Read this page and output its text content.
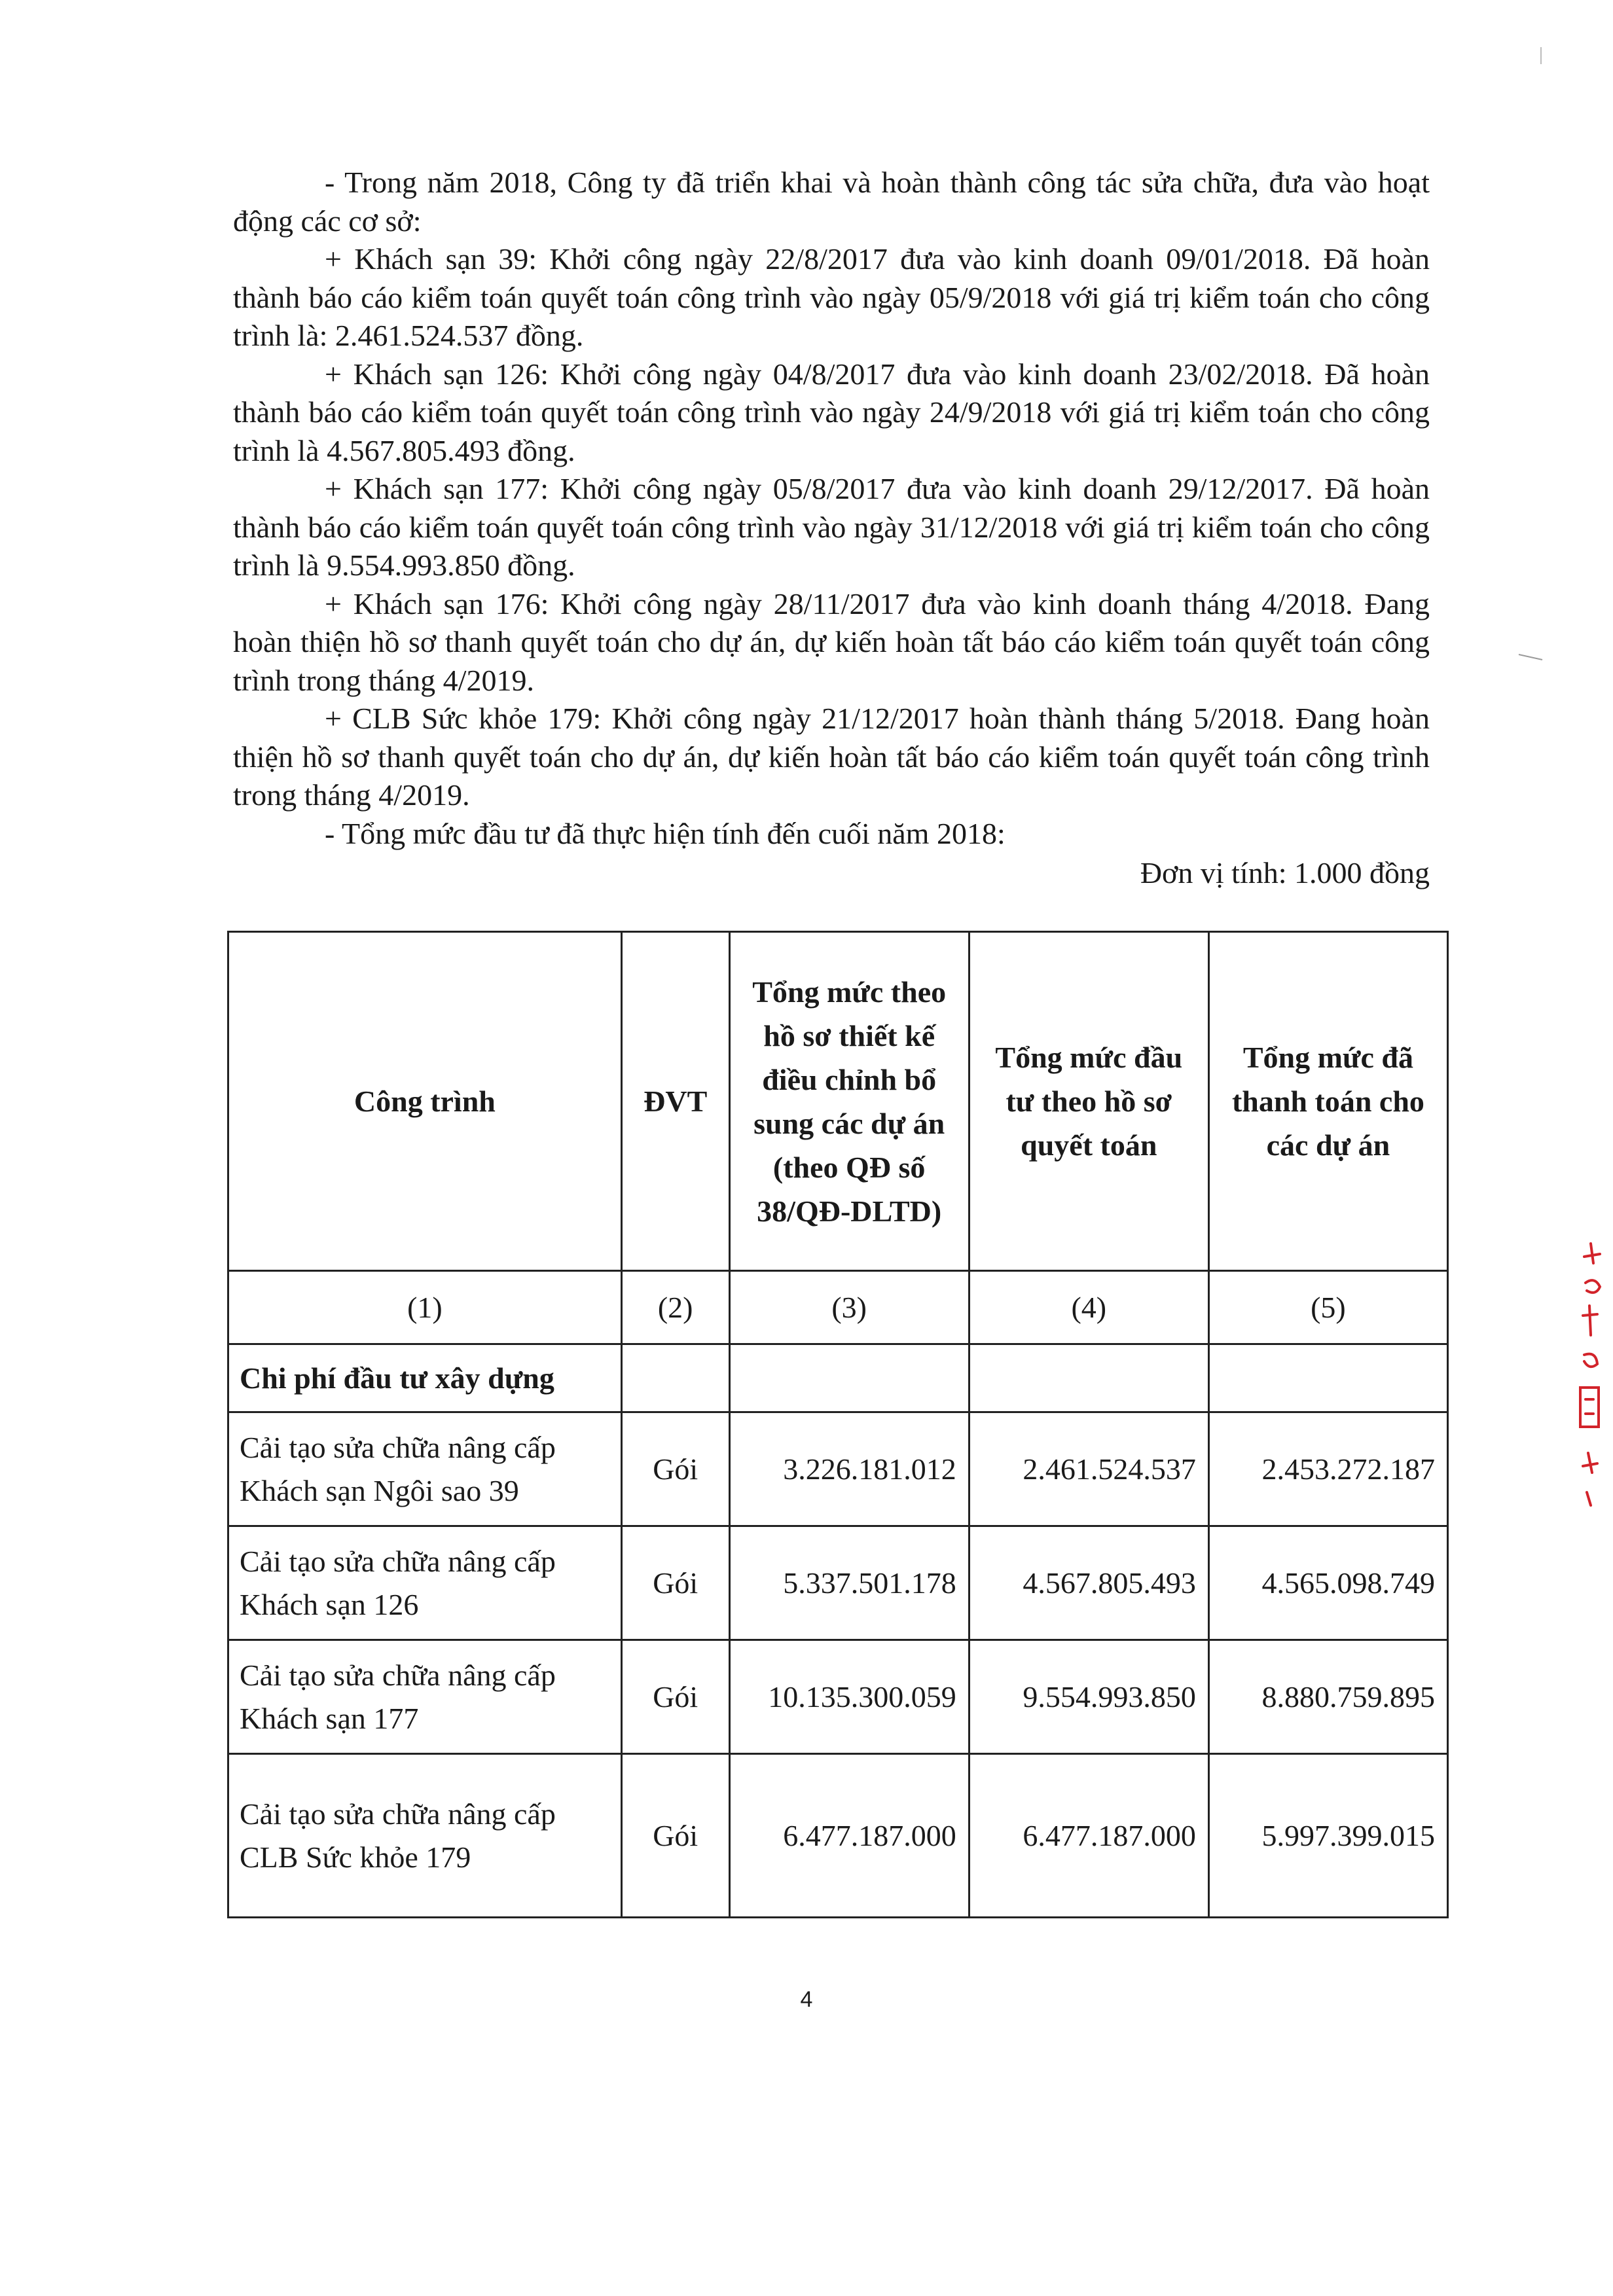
- Trong năm 2018, Công ty đã triển khai và hoàn thành công tác sửa chữa, đưa vào hoạt động các cơ sở:

+ Khách sạn 39: Khởi công ngày 22/8/2017 đưa vào kinh doanh 09/01/2018. Đã hoàn thành báo cáo kiểm toán quyết toán công trình vào ngày 05/9/2018 với giá trị kiểm toán cho công trình là: 2.461.524.537 đồng.

+ Khách sạn 126: Khởi công ngày 04/8/2017 đưa vào kinh doanh 23/02/2018. Đã hoàn thành báo cáo kiểm toán quyết toán công trình vào ngày 24/9/2018 với giá trị kiểm toán cho công trình là 4.567.805.493 đồng.

+ Khách sạn 177: Khởi công ngày 05/8/2017 đưa vào kinh doanh 29/12/2017. Đã hoàn thành báo cáo kiểm toán quyết toán công trình vào ngày 31/12/2018 với giá trị kiểm toán cho công trình là 9.554.993.850 đồng.

+ Khách sạn 176: Khởi công ngày 28/11/2017 đưa vào kinh doanh tháng 4/2018. Đang hoàn thiện hồ sơ thanh quyết toán cho dự án, dự kiến hoàn tất báo cáo kiểm toán quyết toán công trình trong tháng 4/2019.

+ CLB Sức khỏe 179: Khởi công ngày 21/12/2017 hoàn thành tháng 5/2018. Đang hoàn thiện hồ sơ thanh quyết toán cho dự án, dự kiến hoàn tất báo cáo kiểm toán quyết toán công trình trong tháng 4/2019.

- Tổng mức đầu tư đã thực hiện tính đến cuối năm 2018:

Đơn vị tính: 1.000 đồng

Công trình	ĐVT	Tổng mức theo hồ sơ thiết kế điều chỉnh bổ sung các dự án (theo QĐ số 38/QĐ-DLTD)	Tổng mức đầu tư theo hồ sơ quyết toán	Tổng mức đã thanh toán cho các dự án
(1)	(2)	(3)	(4)	(5)
Chi phí đầu tư xây dựng				
Cải tạo sửa chữa nâng cấp Khách sạn Ngôi sao 39	Gói	3.226.181.012	2.461.524.537	2.453.272.187
Cải tạo sửa chữa nâng cấp Khách sạn 126	Gói	5.337.501.178	4.567.805.493	4.565.098.749
Cải tạo sửa chữa nâng cấp Khách sạn 177	Gói	10.135.300.059	9.554.993.850	8.880.759.895
Cải tạo sửa chữa nâng cấp CLB Sức khỏe 179	Gói	6.477.187.000	6.477.187.000	5.997.399.015
4
